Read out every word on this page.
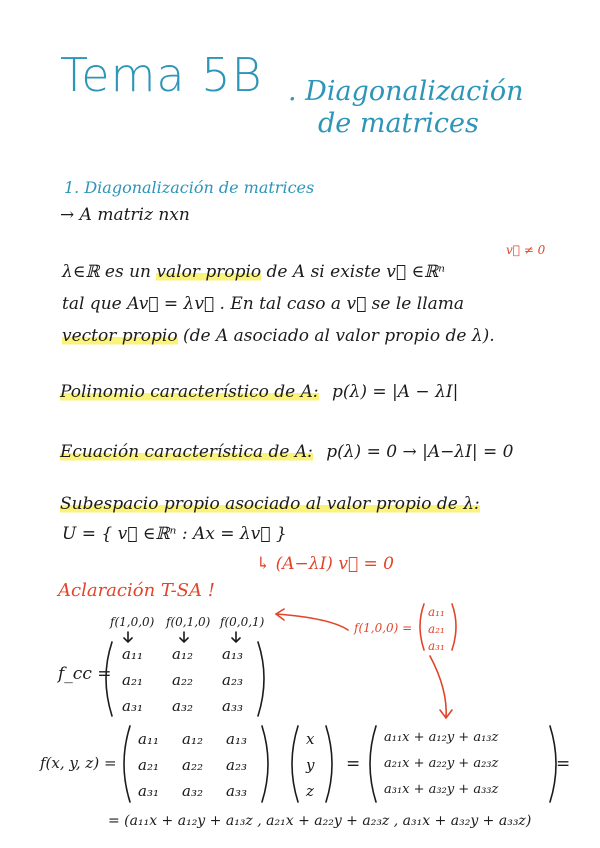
Tema 5B . Diagonalización
de matrices
1. Diagonalización de matrices
→ A matriz nxn
v⃗ ≠ 0
λ∈ℝ es un valor propio de A si existe v⃗ ∈ℝⁿ
tal que Av⃗ = λv⃗ . En tal caso a v⃗ se le llama
vector propio (de A asociado al valor propio de λ).
Polinomio característico de A: p(λ) = |A − λI|
Ecuación característica de A: p(λ) = 0 → |A−λI| = 0
Subespacio propio asociado al valor propio de λ:
U = { v⃗ ∈ℝⁿ : Ax = λv⃗ }
↳ (A−λI) v⃗ = 0
Aclaración T-SA !
f(1,0,0) f(0,1,0) f(0,0,1)
f_cc =
a₁₁ a₁₂ a₁₃
a₂₁ a₂₂ a₂₃
a₃₁ a₃₂ a₃₃
f(1,0,0) =
a₁₁
a₂₁
a₃₁
f(x, y, z) =
a₁₁ a₁₂ a₁₃
a₂₁ a₂₂ a₂₃
a₃₁ a₃₂ a₃₃
x
y
z
=
a₁₁x + a₁₂y + a₁₃z
a₂₁x + a₂₂y + a₂₃z
a₃₁x + a₃₂y + a₃₃z
=
= (a₁₁x + a₁₂y + a₁₃z , a₂₁x + a₂₂y + a₂₃z , a₃₁x + a₃₂y + a₃₃z)
